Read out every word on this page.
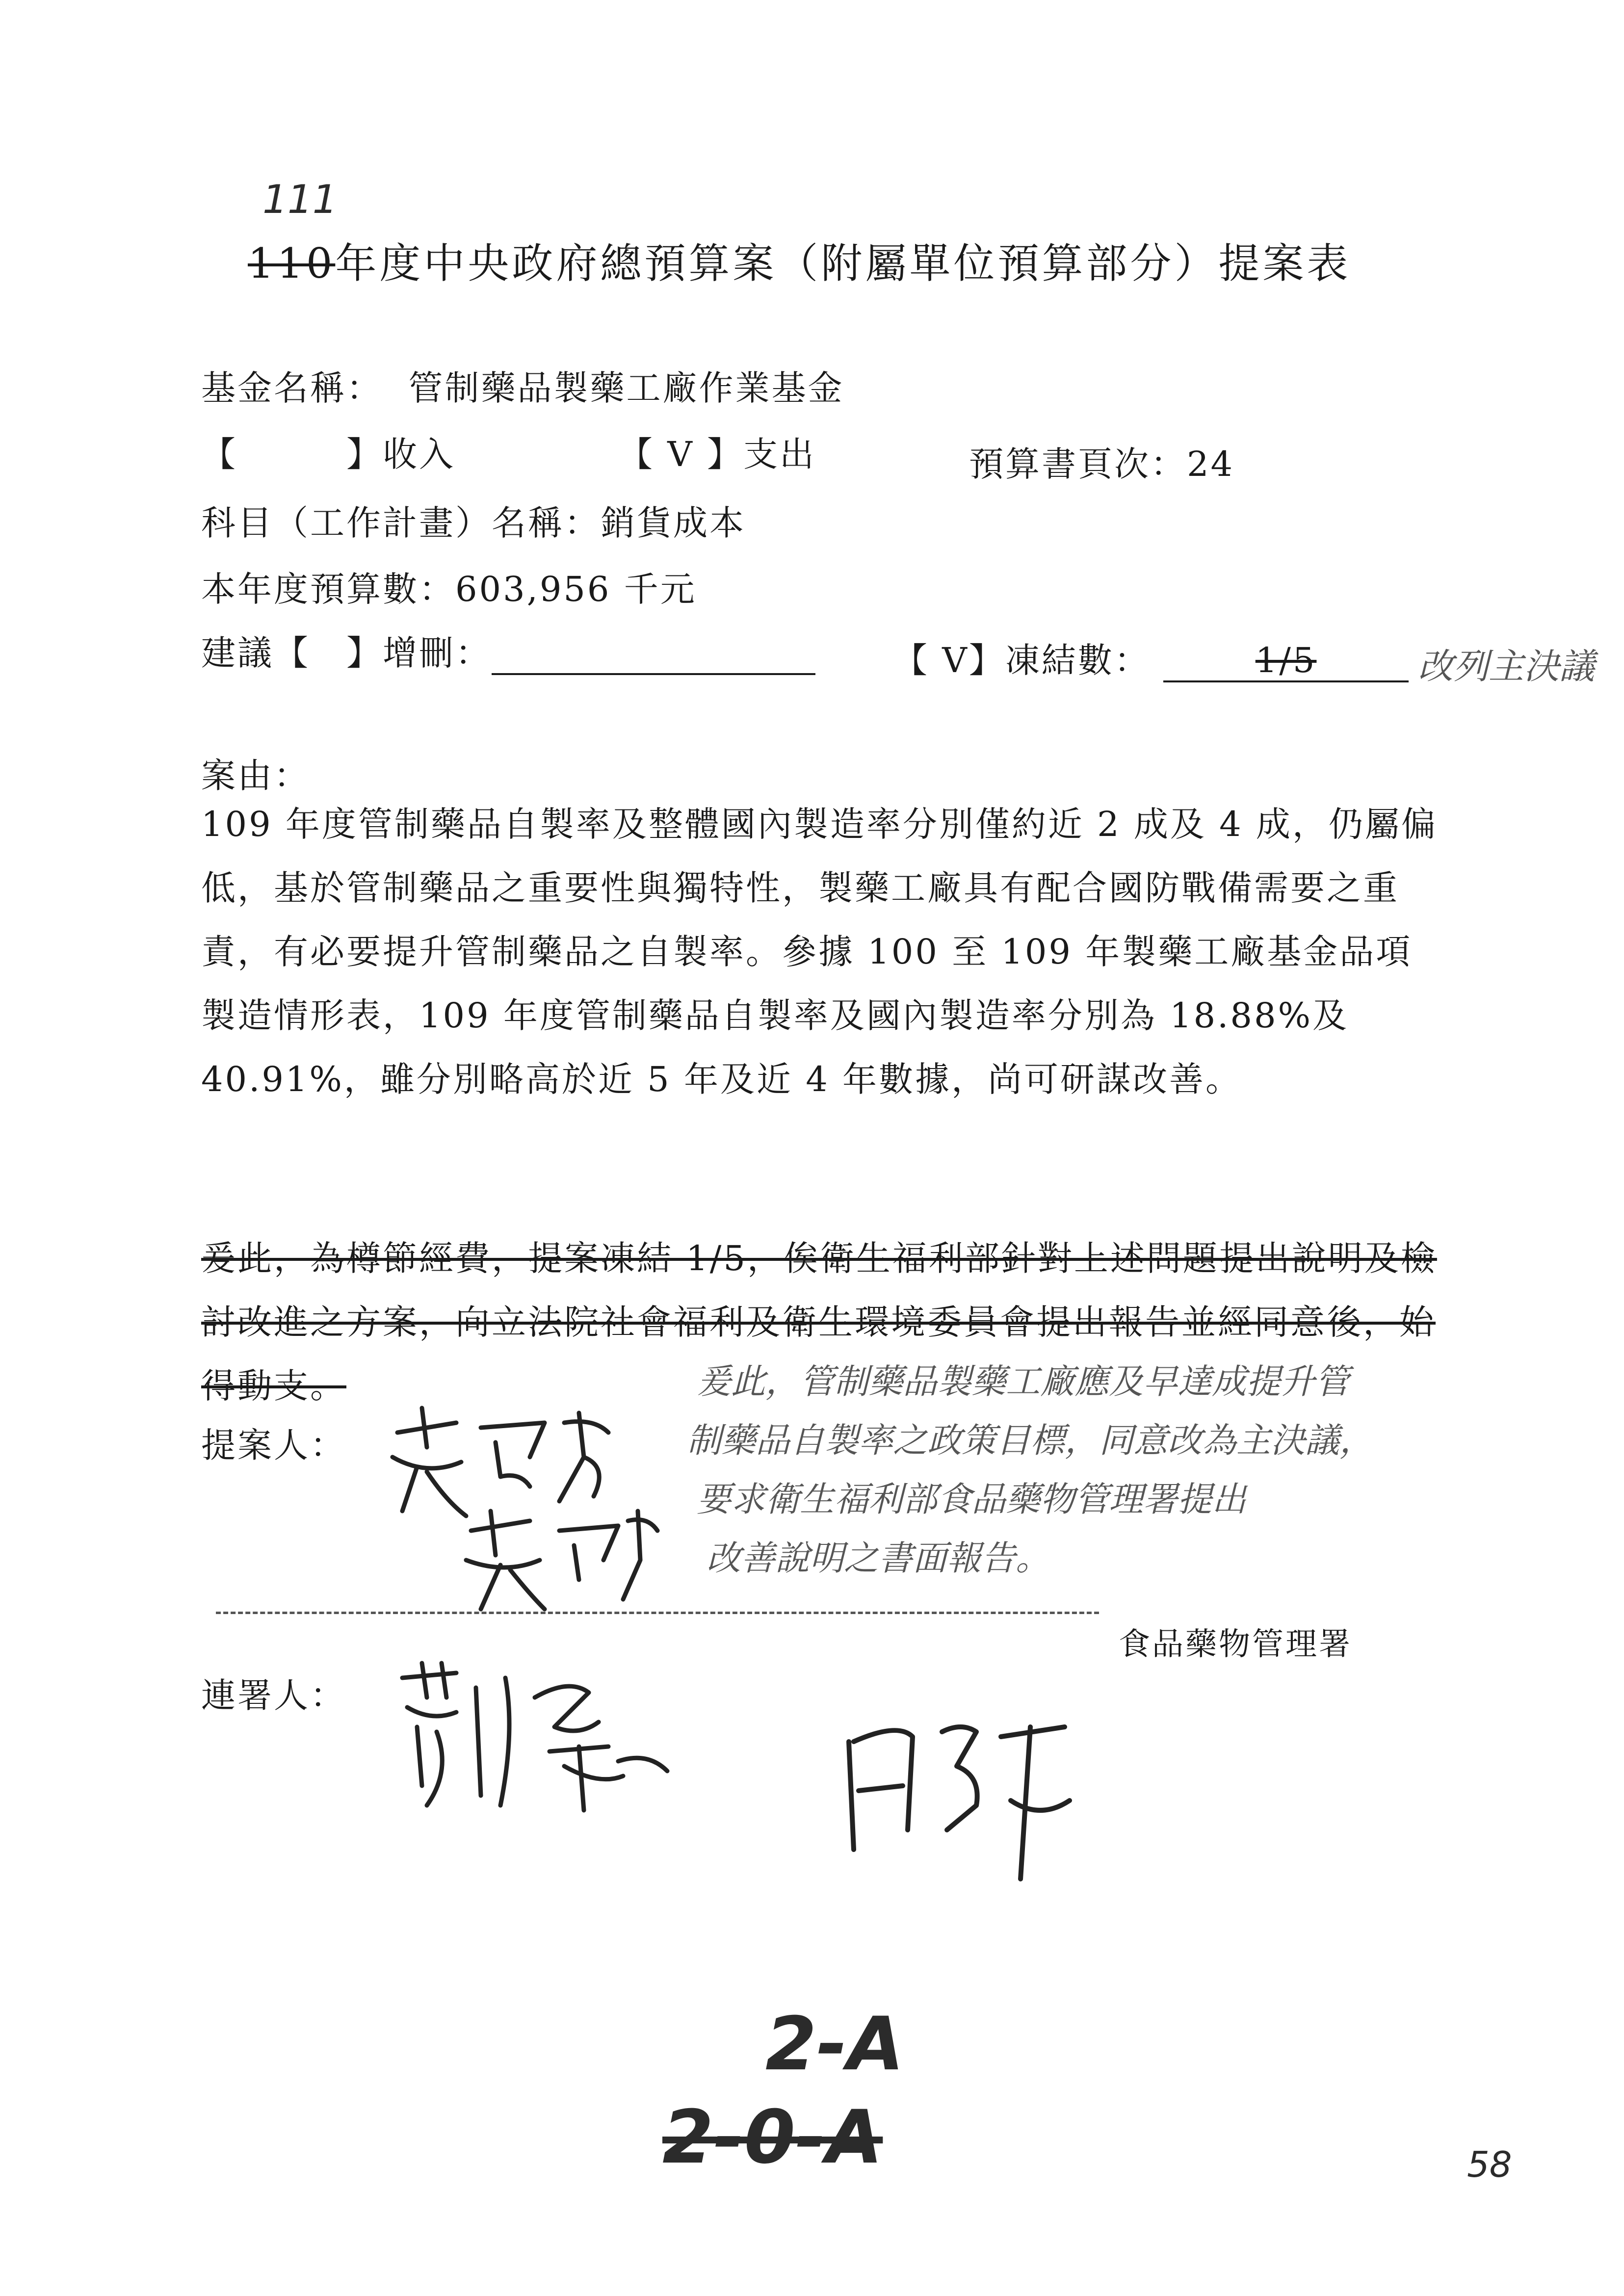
111
110年度中央政府總預算案（附屬單位預算部分）提案表
基金名稱： 管制藥品製藥工廠作業基金
【　　　】收入	【 V 】支出	預算書頁次：24
科目（工作計畫）名稱：銷貨成本
本年度預算數：603,956 千元
建議【　】增刪：	【 V】凍結數：	1/5	改列主決議
案由：
109 年度管制藥品自製率及整體國內製造率分別僅約近 2 成及 4 成，仍屬偏低，基於管制藥品之重要性與獨特性，製藥工廠具有配合國防戰備需要之重責，有必要提升管制藥品之自製率。參據 100 至 109 年製藥工廠基金品項製造情形表，109 年度管制藥品自製率及國內製造率分別為 18.88%及 40.91%，雖分別略高於近 5 年及近 4 年數據，尚可研謀改善。
爰此，為樽節經費，提案凍結 1/5，俟衛生福利部針對上述問題提出說明及檢討改進之方案，向立法院社會福利及衛生環境委員會提出報告並經同意後，始得動支。	爰此，管制藥品製藥工廠應及早達成提升管
制藥品自製率之政策目標，同意改為主決議，
要求衛生福利部食品藥物管理署提出
改善說明之書面報告。
提案人：
食品藥物管理署
連署人：
2-A
2-0-A	58
